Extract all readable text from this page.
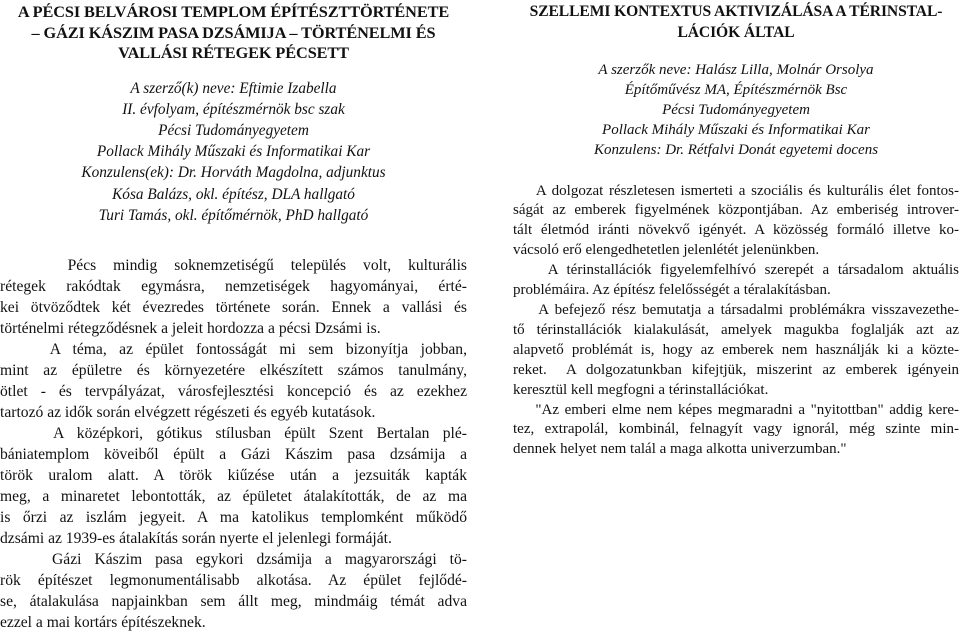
A PÉCSI BELVÁROSI TEMPLOM ÉPÍTÉSZTTÖRTÉNETE
– GÁZI KÁSZIM PASA DZSÁMIJA – TÖRTÉNELMI ÉS
VALLÁSI RÉTEGEK PÉCSETT
A szerző(k) neve: Eftimie Izabella
II. évfolyam, építészmérnök bsc szak
Pécsi Tudományegyetem
Pollack Mihály Műszaki és Informatikai Kar
Konzulens(ek): Dr. Horváth Magdolna, adjunktus
Kósa Balázs, okl. építész, DLA hallgató
Turi Tamás, okl. építőmérnök, PhD hallgató

Pécs mindig soknemzetiségű település volt, kulturális
rétegek rakódtak egymásra, nemzetiségek hagyományai, érté-
kei ötvöződtek két évezredes története során. Ennek a vallási és
történelmi rétegződésnek a jeleit hordozza a pécsi Dzsámi is.

A téma, az épület fontosságát mi sem bizonyítja jobban,
mint az épületre és környezetére elkészített számos tanulmány,
ötlet - és tervpályázat, városfejlesztési koncepció és az ezekhez
tartozó az idők során elvégzett régészeti és egyéb kutatások.

A középkori, gótikus stílusban épült Szent Bertalan plé-
bániatemplom köveiből épült a Gázi Kászim pasa dzsámija a
török uralom alatt. A török kiűzése után a jezsuiták kapták
meg, a minaretet lebontották, az épületet átalakították, de az ma
is őrzi az iszlám jegyeit. A ma katolikus templomként működő
dzsámi az 1939-es átalakítás során nyerte el jelenlegi formáját.

Gázi Kászim pasa egykori dzsámija a magyarországi tö-
rök építészet legmonumentálisabb alkotása. Az épület fejlődé-
se, átalakulása napjainkban sem állt meg, mindmáig témát adva
ezzel a mai kortárs építészeknek.

SZELLEMI KONTEXTUS AKTIVIZÁLÁSA A TÉRINSTAL-
LÁCIÓK ÁLTAL
A szerzők neve: Halász Lilla, Molnár Orsolya
Építőművész MA, Építészmérnök Bsc
Pécsi Tudományegyetem
Pollack Mihály Műszaki és Informatikai Kar
Konzulens: Dr. Rétfalvi Donát egyetemi docens

A dolgozat részletesen ismerteti a szociális és kulturális élet fontos-
ságát az emberek figyelmének központjában. Az emberiség introver-
tált életmód iránti növekvő igényét. A közösség formáló illetve ko-
vácsoló erő elengedhetetlen jelenlétét jelenünkben.

A térinstallációk figyelemfelhívó szerepét a társadalom aktuális
problémáira. Az építész felelősségét a téralakításban.

A befejező rész bemutatja a társadalmi problémákra visszavezethe-
tő térinstallációk kialakulását, amelyek magukba foglalják azt az
alapvető problémát is, hogy az emberek nem használják ki a közte-
reket.  A dolgozatunkban kifejtjük, miszerint az emberek igényein
keresztül kell megfogni a térinstallációkat.

"Az emberi elme nem képes megmaradni a "nyitottban" addig kere-
tez, extrapolál, kombinál, felnagyít vagy ignorál, még szinte min-
dennek helyet nem talál a maga alkotta univerzumban."
